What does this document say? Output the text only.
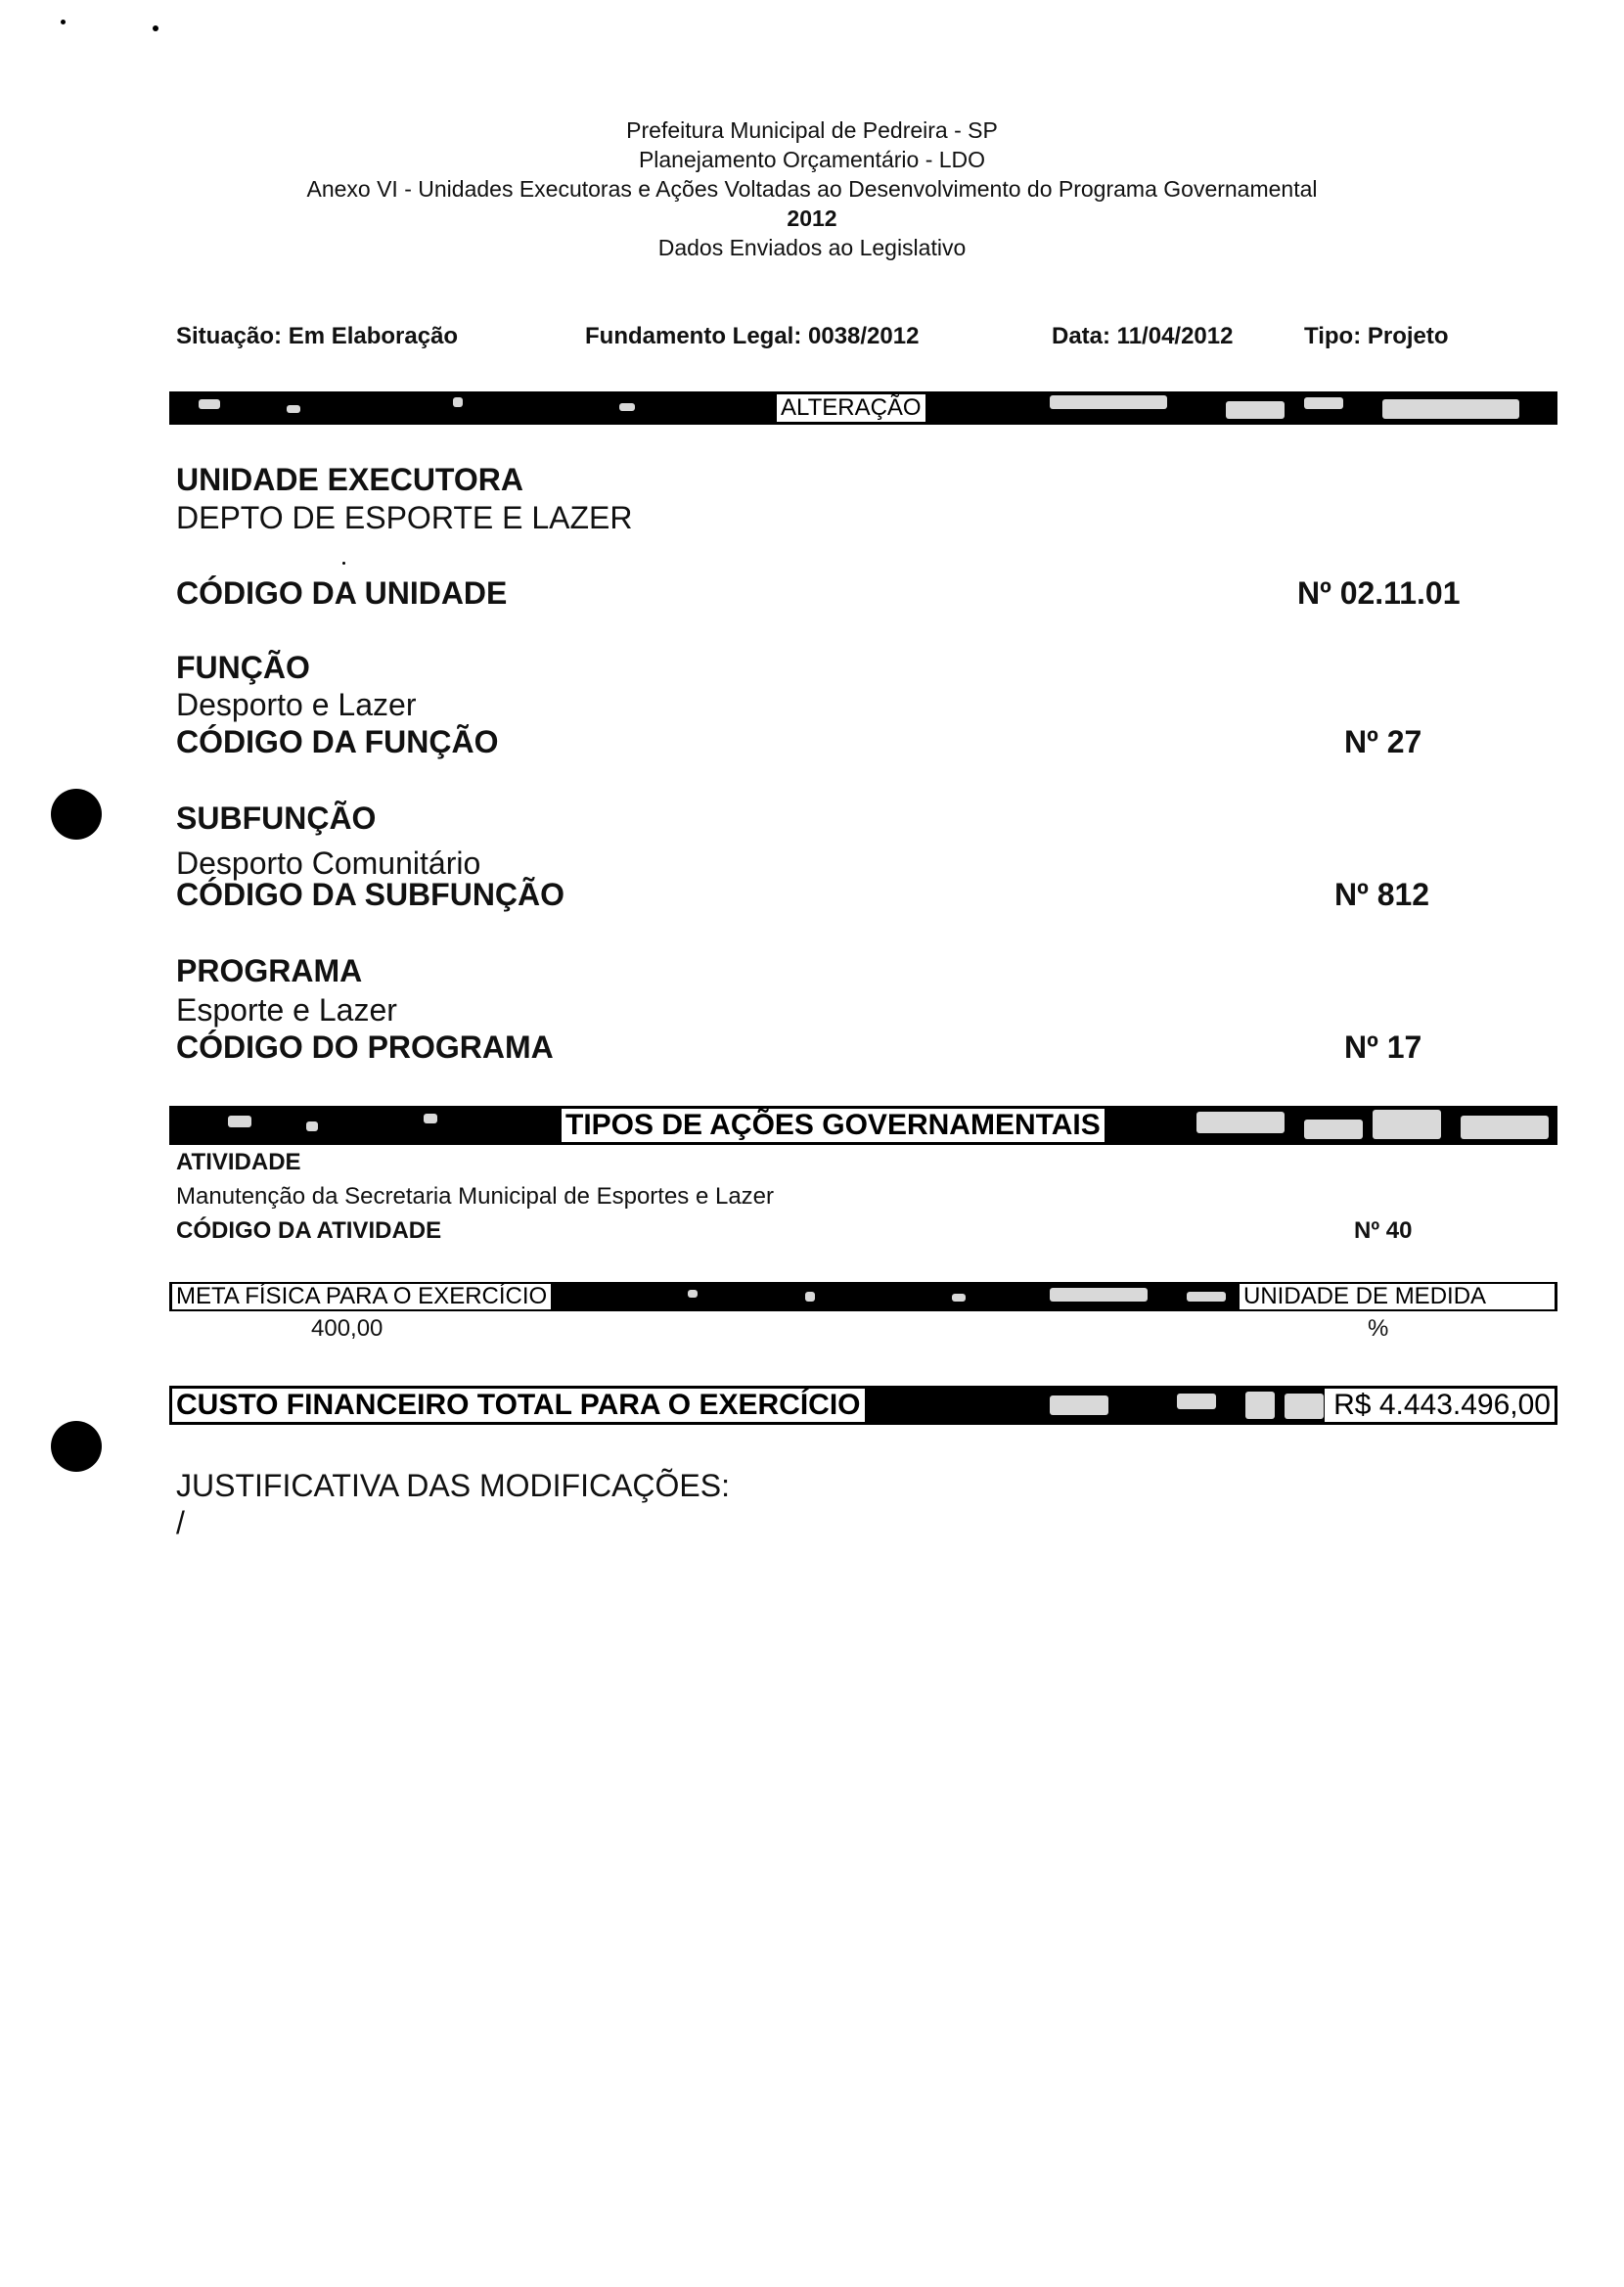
Prefeitura Municipal de Pedreira - SP
Planejamento Orçamentário - LDO
Anexo VI - Unidades Executoras e Ações Voltadas ao Desenvolvimento do Programa Governamental
2012
Dados Enviados ao Legislativo
Situação: Em Elaboração	Fundamento Legal: 0038/2012	Data: 11/04/2012	Tipo: Projeto
ALTERAÇÃO
UNIDADE EXECUTORA
DEPTO DE ESPORTE E LAZER
CÓDIGO DA UNIDADE	Nº 02.11.01
FUNÇÃO
Desporto e Lazer
CÓDIGO DA FUNÇÃO	Nº 27
SUBFUNÇÃO
Desporto Comunitário
CÓDIGO DA SUBFUNÇÃO	Nº 812
PROGRAMA
Esporte e Lazer
CÓDIGO DO PROGRAMA	Nº 17
TIPOS DE AÇÕES GOVERNAMENTAIS
ATIVIDADE
Manutenção da Secretaria Municipal de Esportes e Lazer
CÓDIGO DA ATIVIDADE	Nº 40
META FÍSICA PARA O EXERCÍCIO	UNIDADE DE MEDIDA
400,00	%
CUSTO FINANCEIRO TOTAL PARA O EXERCÍCIO	R$ 4.443.496,00
JUSTIFICATIVA DAS MODIFICAÇÕES:
/
